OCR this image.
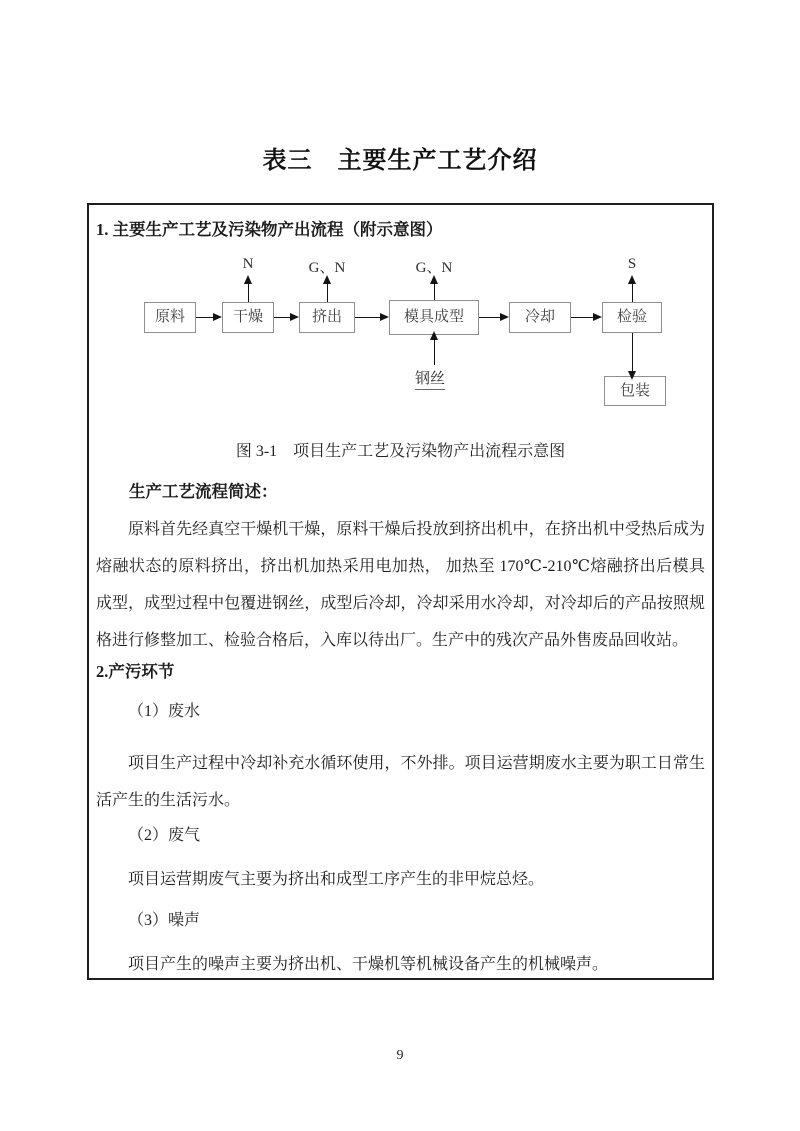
表三　主要生产工艺介绍
1. 主要生产工艺及污染物产出流程（附示意图）
N	G、N	G、N	S
原料	干燥	挤出	模具成型	冷却	检验
包装
钢丝
图 3-1　项目生产工艺及污染物产出流程示意图
生产工艺流程简述：

原料首先经真空干燥机干燥，原料干燥后投放到挤出机中，在挤出机中受热后成为熔融状态的原料挤出，挤出机加热采用电加热， 加热至 170℃-210℃熔融挤出后模具成型，成型过程中包覆进钢丝，成型后冷却，冷却采用水冷却，对冷却后的产品按照规格进行修整加工、检验合格后，入库以待出厂。生产中的残次产品外售废品回收站。

2.产污环节
（1）废水

项目生产过程中冷却补充水循环使用，不外排。项目运营期废水主要为职工日常生活产生的生活污水。

（2）废气

项目运营期废气主要为挤出和成型工序产生的非甲烷总烃。

（3）噪声

项目产生的噪声主要为挤出机、干燥机等机械设备产生的机械噪声。

9
